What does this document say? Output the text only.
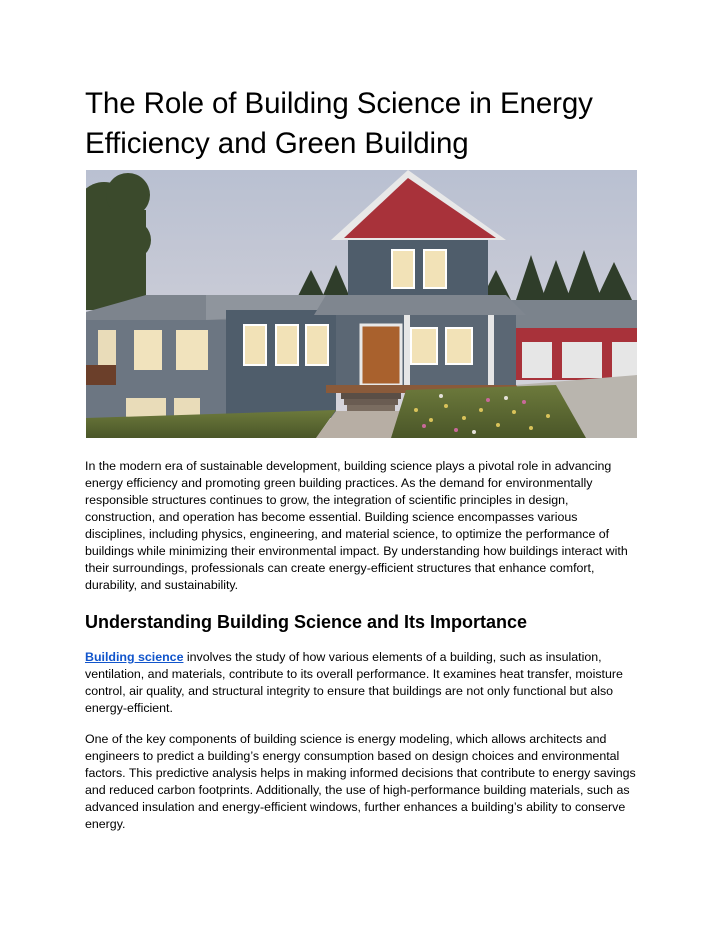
The Role of Building Science in Energy Efficiency and Green Building

In the modern era of sustainable development, building science plays a pivotal role in advancing energy efficiency and promoting green building practices. As the demand for environmentally responsible structures continues to grow, the integration of scientific principles in design, construction, and operation has become essential. Building science encompasses various disciplines, including physics, engineering, and material science, to optimize the performance of buildings while minimizing their environmental impact. By understanding how buildings interact with their surroundings, professionals can create energy-efficient structures that enhance comfort, durability, and sustainability.

Understanding Building Science and Its Importance

Building science involves the study of how various elements of a building, such as insulation, ventilation, and materials, contribute to its overall performance. It examines heat transfer, moisture control, air quality, and structural integrity to ensure that buildings are not only functional but also energy-efficient.

One of the key components of building science is energy modeling, which allows architects and engineers to predict a building’s energy consumption based on design choices and environmental factors. This predictive analysis helps in making informed decisions that contribute to energy savings and reduced carbon footprints. Additionally, the use of high-performance building materials, such as advanced insulation and energy-efficient windows, further enhances a building’s ability to conserve energy.
